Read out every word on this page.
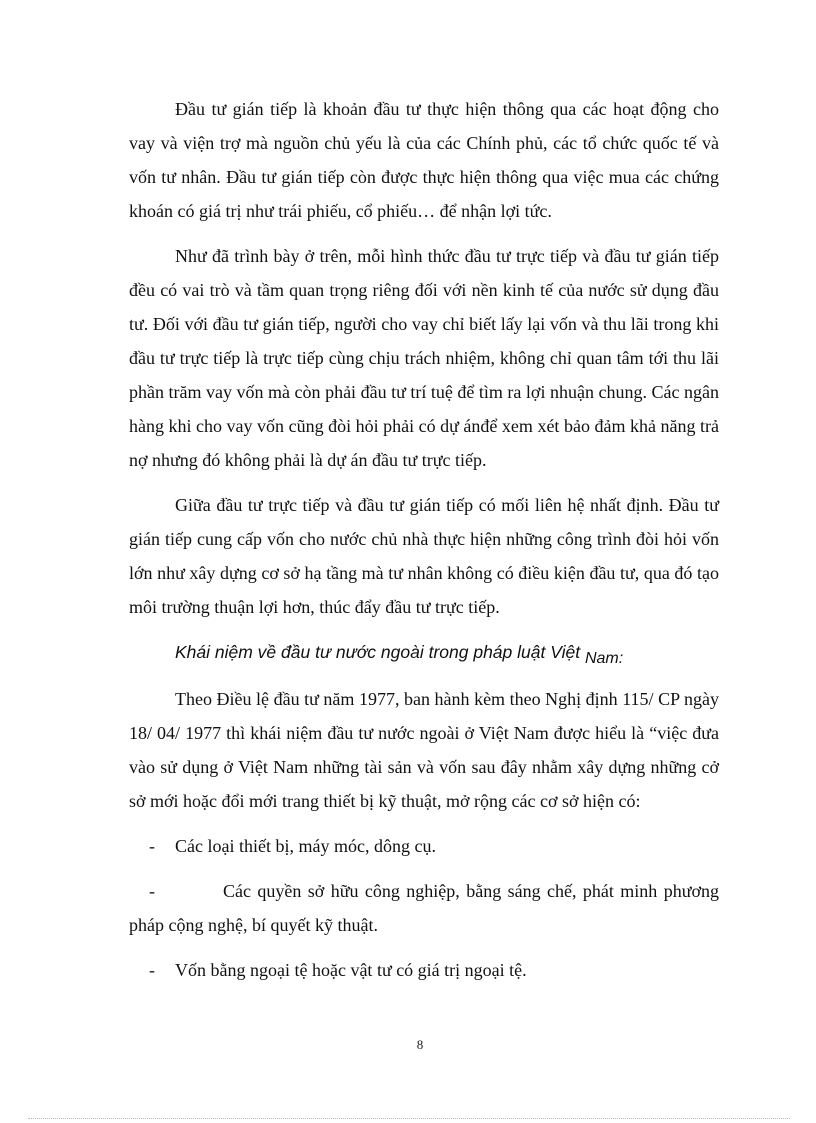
Đầu tư gián tiếp là khoản đầu tư thực hiện thông qua các hoạt động cho vay và viện trợ mà nguồn chủ yếu là của các Chính phủ, các tổ chức quốc tế và vốn tư nhân. Đầu tư gián tiếp còn được thực hiện thông qua việc mua các chứng khoán có giá trị như trái phiếu, cổ phiếu… để nhận lợi tức.

Như đã trình bày ở trên, mỗi hình thức đầu tư trực tiếp và đầu tư gián tiếp đều có vai trò và tầm quan trọng riêng đối với nền kinh tế của nước sử dụng đầu tư. Đối với đầu tư gián tiếp, người cho vay chỉ biết lấy lại vốn và thu lãi trong khi đầu tư trực tiếp là trực tiếp cùng chịu trách nhiệm, không chỉ quan tâm tới thu lãi phần trăm vay vốn mà còn phải đầu tư trí tuệ để tìm ra lợi nhuận chung. Các ngân hàng khi cho vay vốn cũng đòi hỏi phải có dự ánđể xem xét bảo đảm khả năng trả nợ nhưng đó không phải là dự án đầu tư trực tiếp.

Giữa đầu tư trực tiếp và đầu tư gián tiếp có mối liên hệ nhất định. Đầu tư gián tiếp cung cấp vốn cho nước chủ nhà thực hiện những công trình đòi hỏi vốn lớn như xây dựng cơ sở hạ tầng mà tư nhân không có điều kiện đầu tư, qua đó tạo môi trường thuận lợi hơn, thúc đẩy đầu tư trực tiếp.

Khái niệm về đầu tư nước ngoài trong pháp luật Việt Nam:

Theo Điều lệ đầu tư năm 1977, ban hành kèm theo Nghị định 115/ CP ngày 18/ 04/ 1977 thì khái niệm đầu tư nước ngoài ở Việt Nam được hiểu là “việc đưa vào sử dụng ở Việt Nam những tài sản và vốn sau đây nhằm xây dựng những cở sở mới hoặc đổi mới trang thiết bị kỹ thuật, mở rộng các cơ sở hiện có:

-	Các loại thiết bị, máy móc, dông cụ.
-	Các quyền sở hữu công nghiệp, bằng sáng chế, phát minh phương pháp cộng nghệ, bí quyết kỹ thuật.
-	Vốn bằng ngoại tệ hoặc vật tư có giá trị ngoại tệ.
8
